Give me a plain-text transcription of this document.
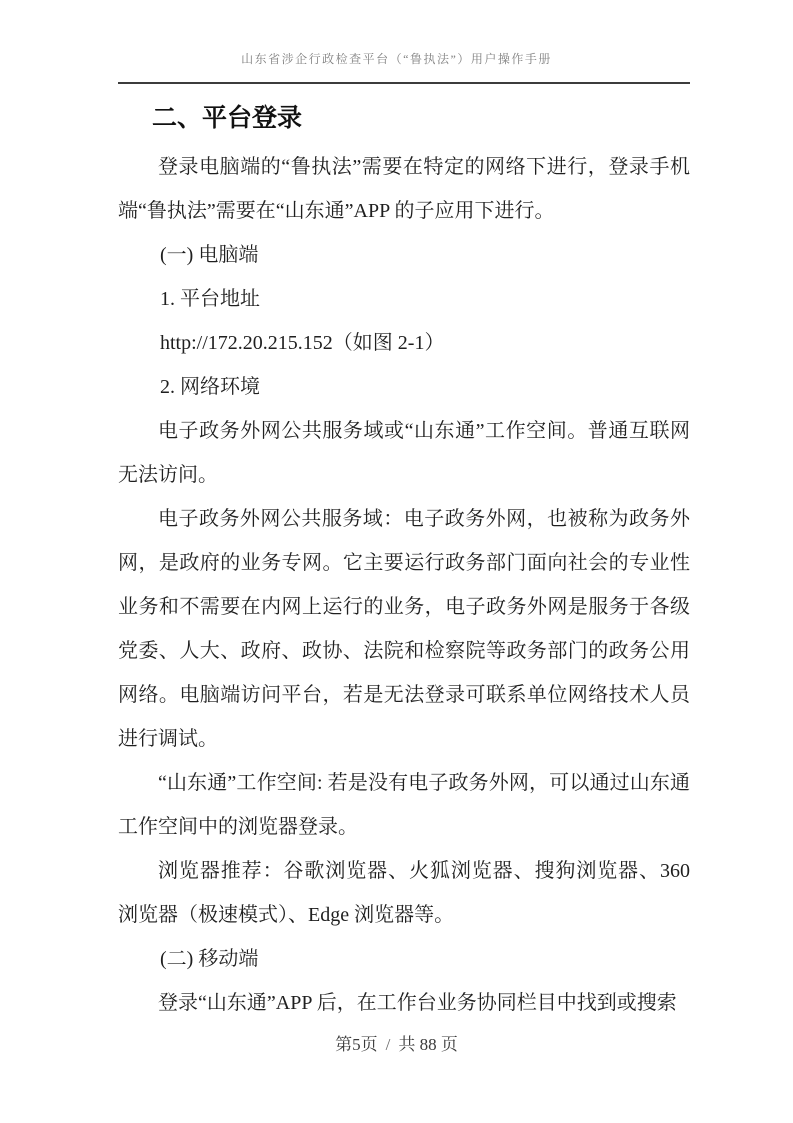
山东省涉企行政检查平台（“鲁执法”）用户操作手册
二、平台登录
登录电脑端的“鲁执法”需要在特定的网络下进行，登录手机端“鲁执法”需要在“山东通”APP 的子应用下进行。
(一) 电脑端
1. 平台地址
http://172.20.215.152（如图 2-1）
2. 网络环境
电子政务外网公共服务域或“山东通”工作空间。普通互联网无法访问。
电子政务外网公共服务域：电子政务外网，也被称为政务外网，是政府的业务专网。它主要运行政务部门面向社会的专业性业务和不需要在内网上运行的业务，电子政务外网是服务于各级党委、人大、政府、政协、法院和检察院等政务部门的政务公用网络。电脑端访问平台，若是无法登录可联系单位网络技术人员进行调试。
“山东通”工作空间: 若是没有电子政务外网，可以通过山东通工作空间中的浏览器登录。
浏览器推荐：谷歌浏览器、火狐浏览器、搜狗浏览器、360 浏览器（极速模式）、Edge 浏览器等。
(二) 移动端
登录“山东通”APP 后，在工作台业务协同栏目中找到或搜索
第5页 / 共 88 页
